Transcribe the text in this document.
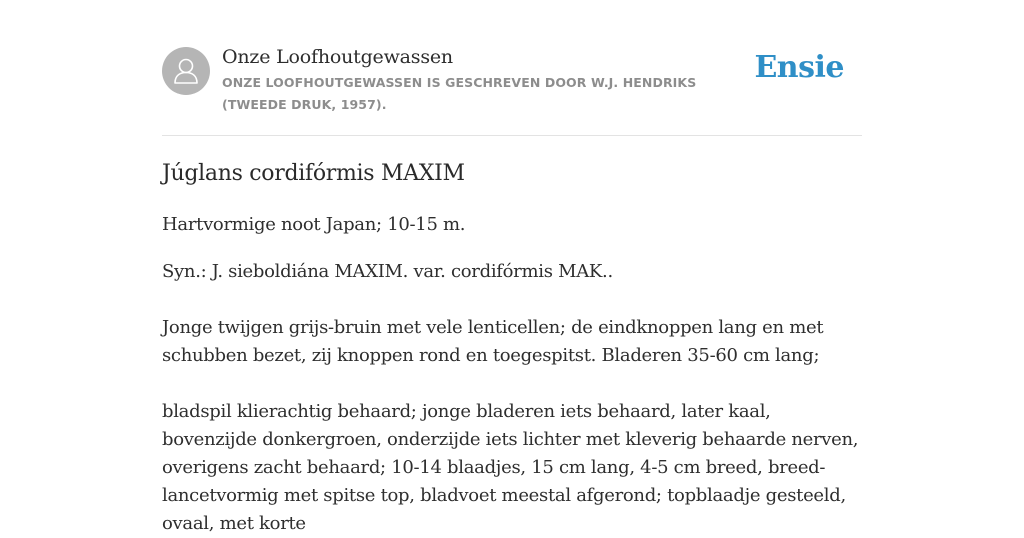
Onze Loofhoutgewassen
ONZE LOOFHOUTGEWASSEN IS GESCHREVEN DOOR W.J. HENDRIKS (TWEEDE DRUK, 1957).
Ensie
Júglans cordifórmis MAXIM

Hartvormige noot Japan; 10-15 m.

Syn.: J. sieboldiána MAXIM. var. cordifórmis MAK..

Jonge twijgen grijs-bruin met vele lenticellen; de eindknoppen lang en met schubben bezet, zij knoppen rond en toegespitst. Bladeren 35-60 cm lang;

bladspil klierachtig behaard; jonge bladeren iets behaard, later kaal, bovenzijde donkergroen, onderzijde iets lichter met kleverig behaarde nerven, overigens zacht behaard; 10-14 blaadjes, 15 cm lang, 4-5 cm breed, breed-lancetvormig met spitse top, bladvoet meestal afgerond; topblaadje gesteeld, ovaal, met korte
